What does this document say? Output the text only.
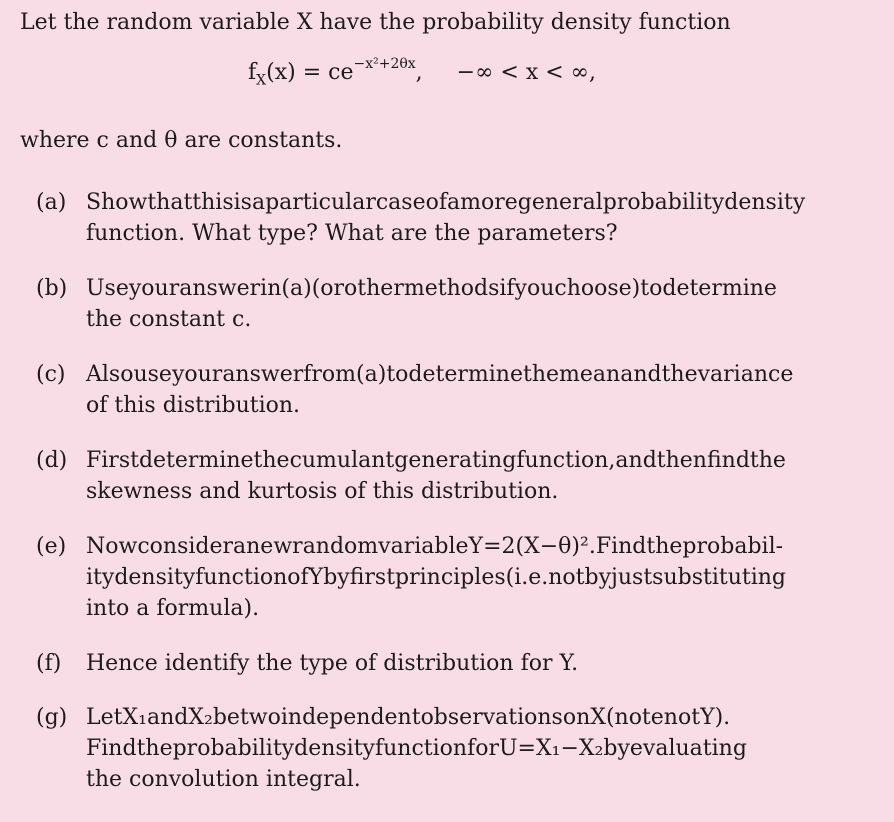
Let the random variable X have the probability density function
$f_X(x) = ce^{-x^2+2\theta x}$, −∞ < x < ∞,
where c and θ are constants.
(a) Showthatthisisaparticularcaseofamoregeneralprobabilitydensity
function. What type? What are the parameters?
(b) Useyouranswerin(a)(orothermethodsifyouchoose)todetermine
the constant c.
(c) Alsouseyouranswerfrom(a)todeterminethemeanandthevariance
of this distribution.
(d) Firstdeterminethecumulantgeneratingfunction,andthenfindthe
skewness and kurtosis of this distribution.
(e) NowconsideranewrandomvariableY=2(X−θ)².Findtheprobabil-
itydensityfunctionofYbyfirstprinciples(i.e.notbyjustsubstituting
into a formula).
(f)	Hence identify the type of distribution for Y.
(g) LetX₁andX₂betwoindependentobservationsonX(notenotY).
FindtheprobabilitydensityfunctionforU=X₁−X₂byevaluating
the convolution integral.
